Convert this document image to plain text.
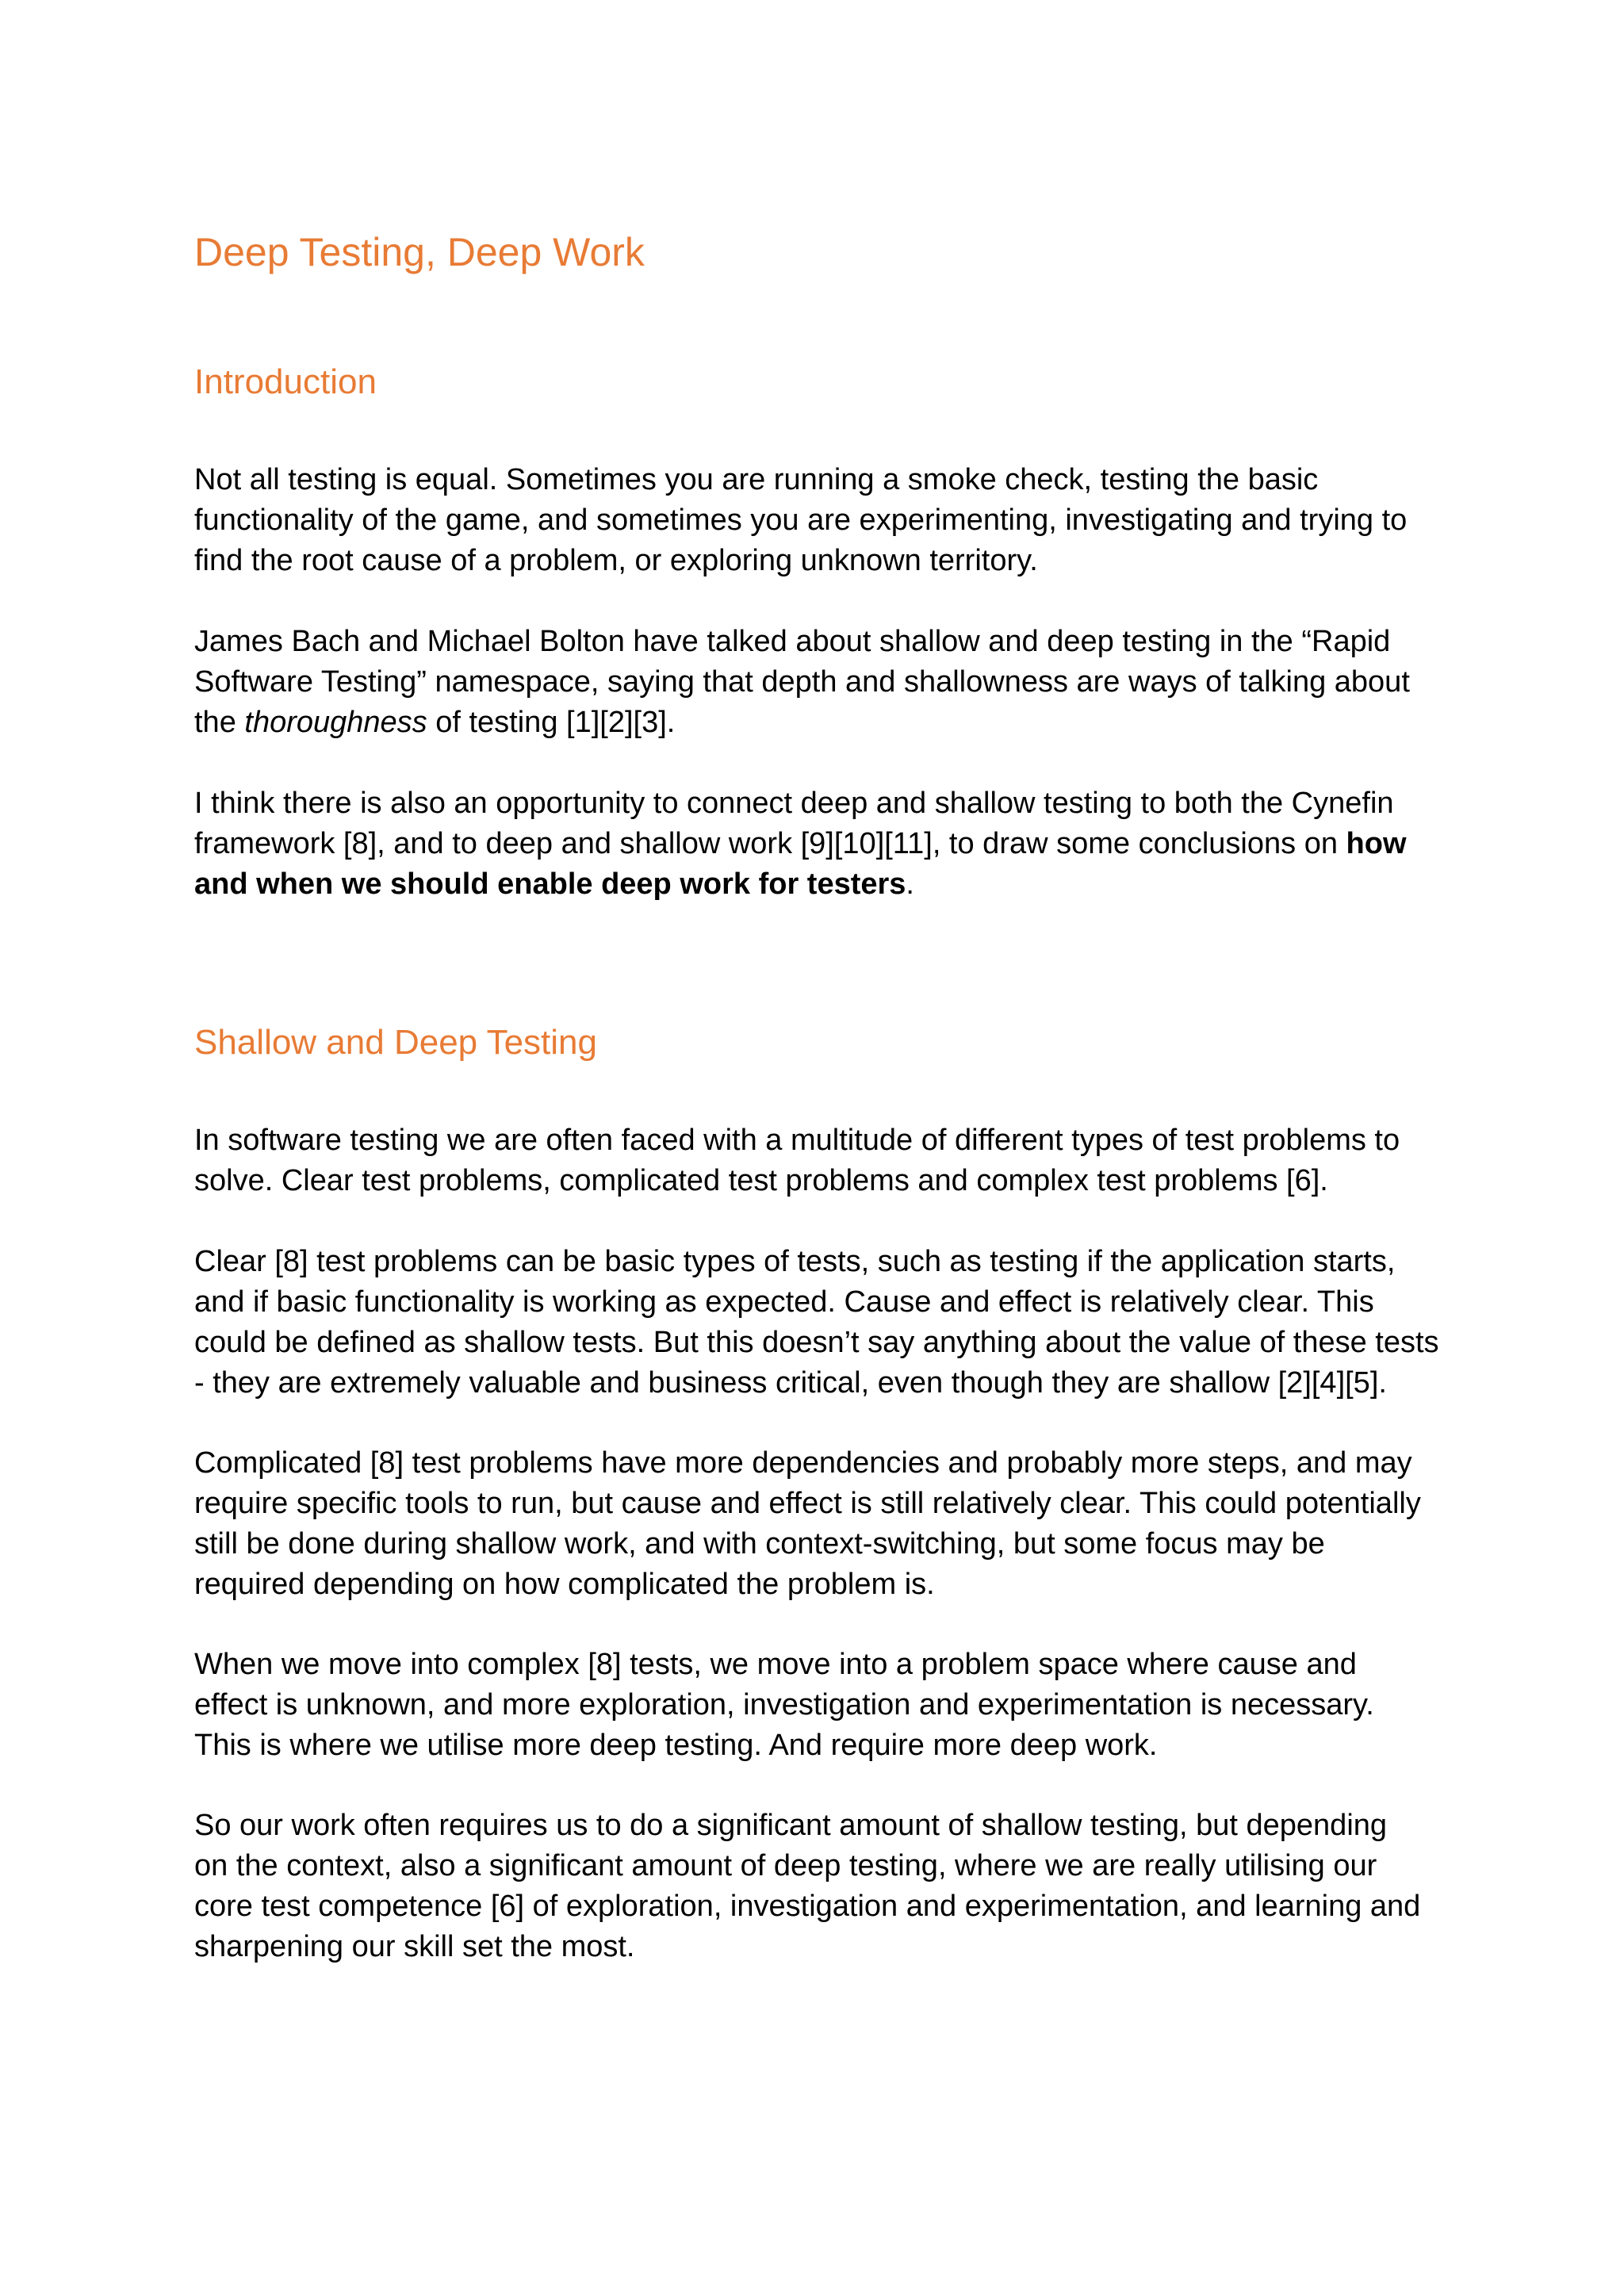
Deep Testing, Deep Work
Introduction

Not all testing is equal. Sometimes you are running a smoke check, testing the basic
functionality of the game, and sometimes you are experimenting, investigating and trying to
find the root cause of a problem, or exploring unknown territory.

James Bach and Michael Bolton have talked about shallow and deep testing in the “Rapid
Software Testing” namespace, saying that depth and shallowness are ways of talking about
the thoroughness of testing [1][2][3].

I think there is also an opportunity to connect deep and shallow testing to both the Cynefin
framework [8], and to deep and shallow work [9][10][11], to draw some conclusions on how
and when we should enable deep work for testers.

Shallow and Deep Testing

In software testing we are often faced with a multitude of different types of test problems to
solve. Clear test problems, complicated test problems and complex test problems [6].

Clear [8] test problems can be basic types of tests, such as testing if the application starts,
and if basic functionality is working as expected. Cause and effect is relatively clear. This
could be defined as shallow tests. But this doesn’t say anything about the value of these tests
- they are extremely valuable and business critical, even though they are shallow [2][4][5].

Complicated [8] test problems have more dependencies and probably more steps, and may
require specific tools to run, but cause and effect is still relatively clear. This could potentially
still be done during shallow work, and with context-switching, but some focus may be
required depending on how complicated the problem is.

When we move into complex [8] tests, we move into a problem space where cause and
effect is unknown, and more exploration, investigation and experimentation is necessary.
This is where we utilise more deep testing. And require more deep work.

So our work often requires us to do a significant amount of shallow testing, but depending
on the context, also a significant amount of deep testing, where we are really utilising our
core test competence [6] of exploration, investigation and experimentation, and learning and
sharpening our skill set the most.
